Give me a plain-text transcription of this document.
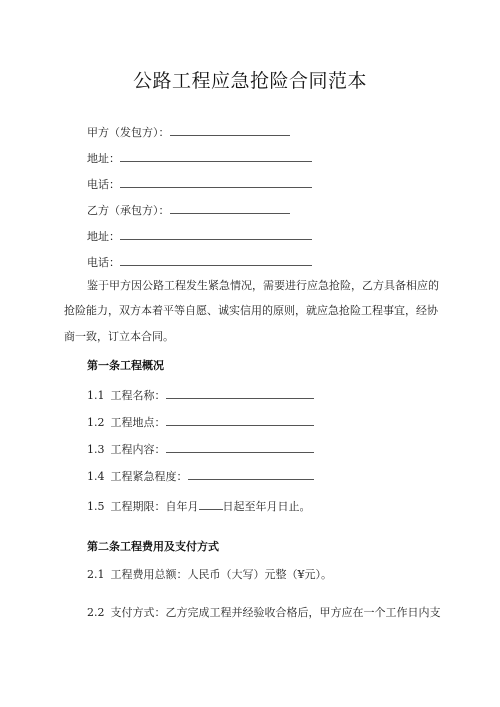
公路工程应急抢险合同范本
甲方（发包方）：
地址：
电话：
乙方（承包方）：
地址：
电话：
鉴于甲方因公路工程发生紧急情况，需要进行应急抢险，乙方具备相应的
抢险能力，双方本着平等自愿、诚实信用的原则，就应急抢险工程事宜，经协
商一致，订立本合同。
第一条工程概况
1.1 工程名称：
1.2 工程地点：
1.3 工程内容：
1.4 工程紧急程度：
1.5 工程期限：自年月 日起至年月日止。
第二条工程费用及支付方式
2.1 工程费用总额：人民币（大写）元整（¥元）。
2.2 支付方式：乙方完成工程并经验收合格后，甲方应在一个工作日内支
